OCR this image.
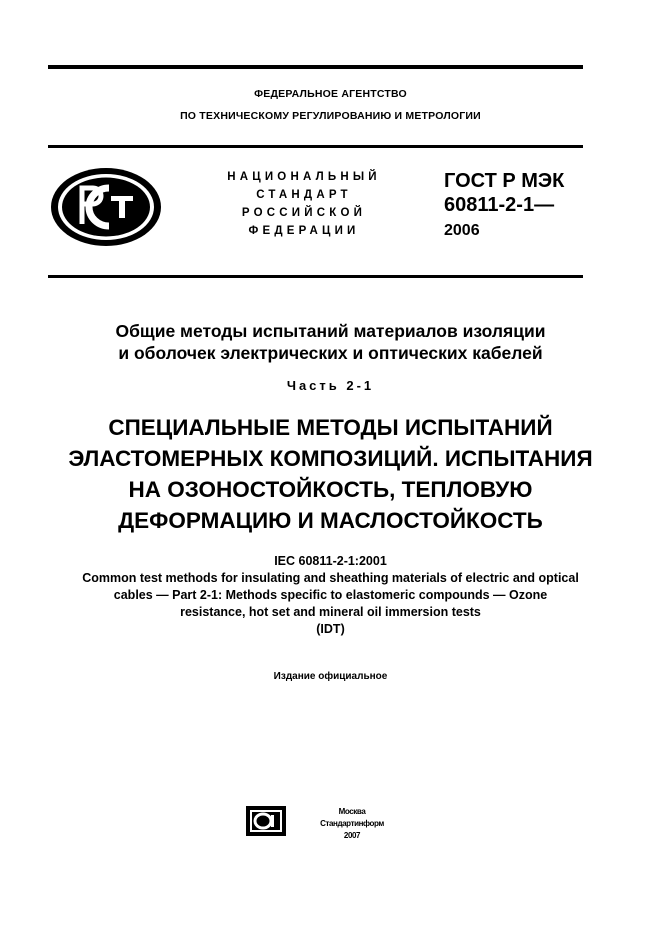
ФЕДЕРАЛЬНОЕ АГЕНТСТВО
ПО ТЕХНИЧЕСКОМУ РЕГУЛИРОВАНИЮ И МЕТРОЛОГИИ
НАЦИОНАЛЬНЫЙ
СТАНДАРТ
РОССИЙСКОЙ
ФЕДЕРАЦИИ
ГОСТ Р МЭК
60811-2-1—
2006
Общие методы испытаний материалов изоляции
и оболочек электрических и оптических кабелей
Часть 2-1
СПЕЦИАЛЬНЫЕ МЕТОДЫ ИСПЫТАНИЙ
ЭЛАСТОМЕРНЫХ КОМПОЗИЦИЙ. ИСПЫТАНИЯ
НА ОЗОНОСТОЙКОСТЬ, ТЕПЛОВУЮ
ДЕФОРМАЦИЮ И МАСЛОСТОЙКОСТЬ
IEC 60811-2-1:2001
Common test methods for insulating and sheathing materials of electric and optical
cables — Part 2-1: Methods specific to elastomeric compounds — Ozone
resistance, hot set and mineral oil immersion tests
(IDT)
Издание официальное
Москва
Стандартинформ
2007
